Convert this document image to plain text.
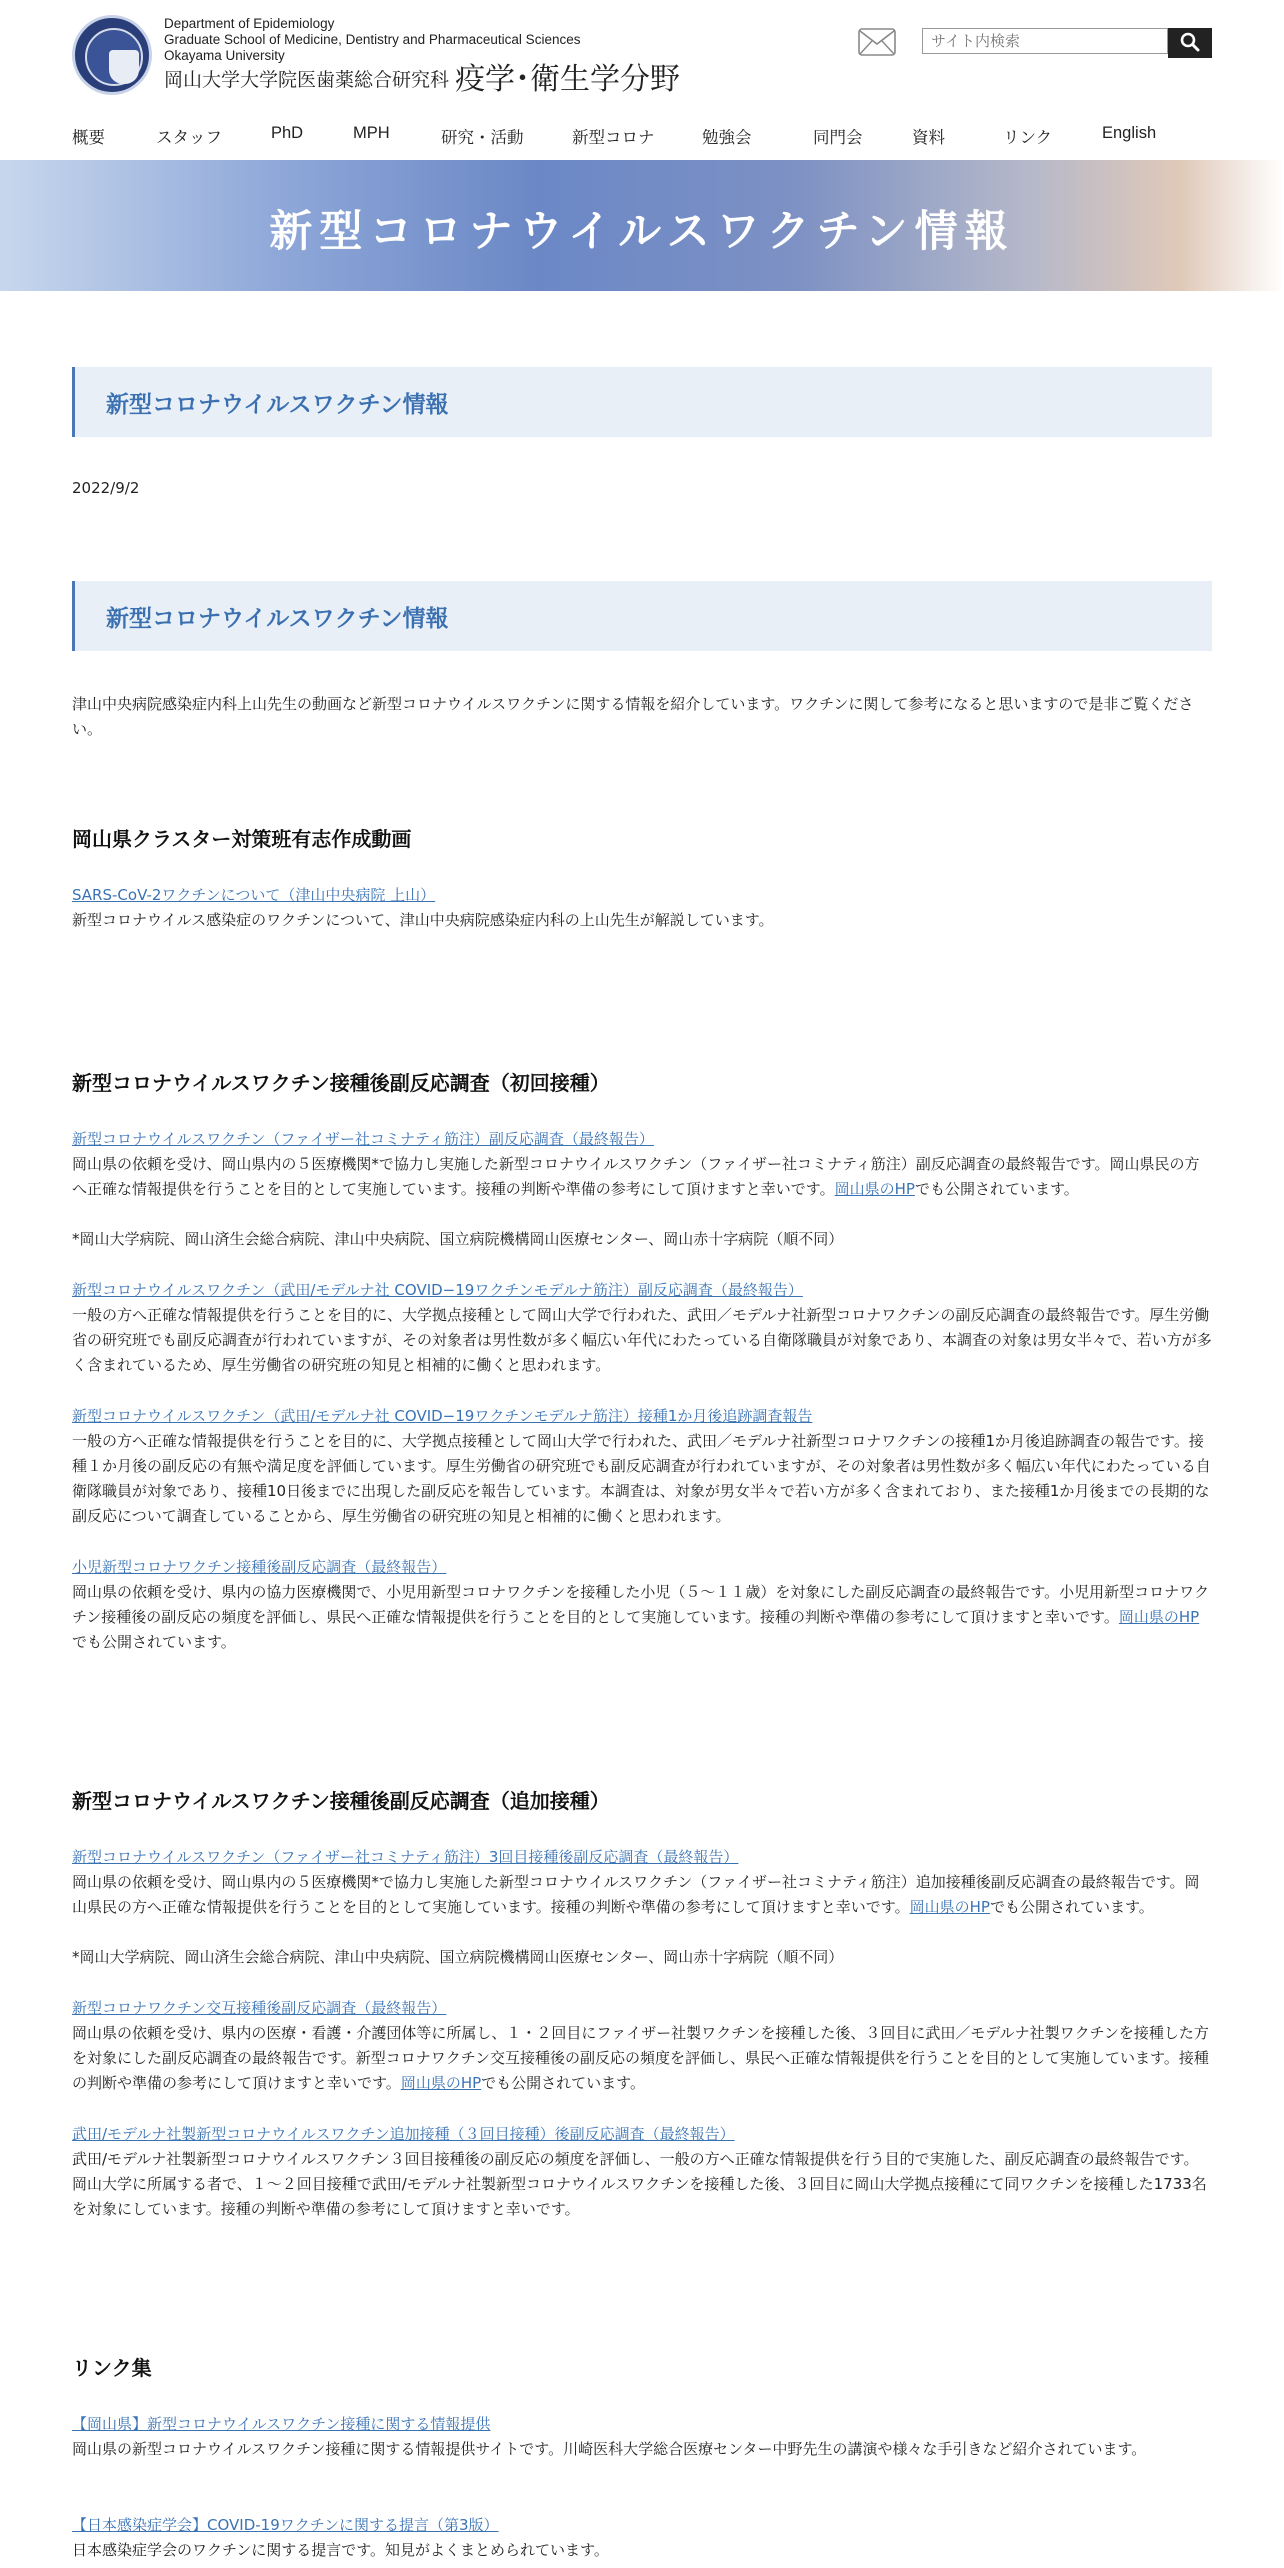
Department of Epidemiology
Graduate School of Medicine, Dentistry and Pharmaceutical Sciences
Okayama University
岡山大学大学院医歯薬総合研究科 疫学･衛生学分野
サイト内検索
概要	スタッフ	PhD	MPH	研究・活動	新型コロナ	勉強会	同門会	資料	リンク	English
新型コロナウイルスワクチン情報
新型コロナウイルスワクチン情報
2022/9/2
新型コロナウイルスワクチン情報

津山中央病院感染症内科上山先生の動画など新型コロナウイルスワクチンに関する情報を紹介しています。ワクチンに関して参考になると思いますので是非ご覧ください。

岡山県クラスター対策班有志作成動画
SARS-CoV-2ワクチンについて（津山中央病院 上山）

新型コロナウイルス感染症のワクチンについて、津山中央病院感染症内科の上山先生が解説しています。

新型コロナウイルスワクチン接種後副反応調査（初回接種）
新型コロナウイルスワクチン（ファイザー社コミナティ筋注）副反応調査（最終報告）

岡山県の依頼を受け、岡山県内の５医療機関*で協力し実施した新型コロナウイルスワクチン（ファイザー社コミナティ筋注）副反応調査の最終報告です。岡山県民の方へ正確な情報提供を行うことを目的として実施しています。接種の判断や準備の参考にして頂けますと幸いです。岡山県のHPでも公開されています。

*岡山大学病院、岡山済生会総合病院、津山中央病院、国立病院機構岡山医療センター、岡山赤十字病院（順不同）

新型コロナウイルスワクチン（武田/モデルナ社 COVID−19ワクチンモデルナ筋注）副反応調査（最終報告）

一般の方へ正確な情報提供を行うことを目的に、大学拠点接種として岡山大学で行われた、武田／モデルナ社新型コロナワクチンの副反応調査の最終報告です。厚生労働省の研究班でも副反応調査が行われていますが、その対象者は男性数が多く幅広い年代にわたっている自衛隊職員が対象であり、本調査の対象は男女半々で、若い方が多く含まれているため、厚生労働省の研究班の知見と相補的に働くと思われます。

新型コロナウイルスワクチン（武田/モデルナ社 COVID−19ワクチンモデルナ筋注）接種1か月後追跡調査報告

一般の方へ正確な情報提供を行うことを目的に、大学拠点接種として岡山大学で行われた、武田／モデルナ社新型コロナワクチンの接種1か月後追跡調査の報告です。接種１か月後の副反応の有無や満足度を評価しています。厚生労働省の研究班でも副反応調査が行われていますが、その対象者は男性数が多く幅広い年代にわたっている自衛隊職員が対象であり、接種10日後までに出現した副反応を報告しています。本調査は、対象が男女半々で若い方が多く含まれており、また接種1か月後までの長期的な副反応について調査していることから、厚生労働省の研究班の知見と相補的に働くと思われます。

小児新型コロナワクチン接種後副反応調査（最終報告）

岡山県の依頼を受け、県内の協力医療機関で、小児用新型コロナワクチンを接種した小児（５～１１歳）を対象にした副反応調査の最終報告です。小児用新型コロナワクチン接種後の副反応の頻度を評価し、県民へ正確な情報提供を行うことを目的として実施しています。接種の判断や準備の参考にして頂けますと幸いです。岡山県のHPでも公開されています。

新型コロナウイルスワクチン接種後副反応調査（追加接種）
新型コロナウイルスワクチン（ファイザー社コミナティ筋注）3回目接種後副反応調査（最終報告）

岡山県の依頼を受け、岡山県内の５医療機関*で協力し実施した新型コロナウイルスワクチン（ファイザー社コミナティ筋注）追加接種後副反応調査の最終報告です。岡山県民の方へ正確な情報提供を行うことを目的として実施しています。接種の判断や準備の参考にして頂けますと幸いです。岡山県のHPでも公開されています。

*岡山大学病院、岡山済生会総合病院、津山中央病院、国立病院機構岡山医療センター、岡山赤十字病院（順不同）

新型コロナワクチン交互接種後副反応調査（最終報告）

岡山県の依頼を受け、県内の医療・看護・介護団体等に所属し、１・２回目にファイザー社製ワクチンを接種した後、３回目に武田／モデルナ社製ワクチンを接種した方を対象にした副反応調査の最終報告です。新型コロナワクチン交互接種後の副反応の頻度を評価し、県民へ正確な情報提供を行うことを目的として実施しています。接種の判断や準備の参考にして頂けますと幸いです。岡山県のHPでも公開されています。

武田/モデルナ社製新型コロナウイルスワクチン追加接種（３回目接種）後副反応調査（最終報告）

武田/モデルナ社製新型コロナウイルスワクチン３回目接種後の副反応の頻度を評価し、一般の方へ正確な情報提供を行う目的で実施した、副反応調査の最終報告です。岡山大学に所属する者で、１～２回目接種で武田/モデルナ社製新型コロナウイルスワクチンを接種した後、３回目に岡山大学拠点接種にて同ワクチンを接種した1733名を対象にしています。接種の判断や準備の参考にして頂けますと幸いです。

リンク集
【岡山県】新型コロナウイルスワクチン接種に関する情報提供

岡山県の新型コロナウイルスワクチン接種に関する情報提供サイトです。川崎医科大学総合医療センター中野先生の講演や様々な手引きなど紹介されています。

【日本感染症学会】COVID-19ワクチンに関する提言（第3版）

日本感染症学会のワクチンに関する提言です。知見がよくまとめられています。
